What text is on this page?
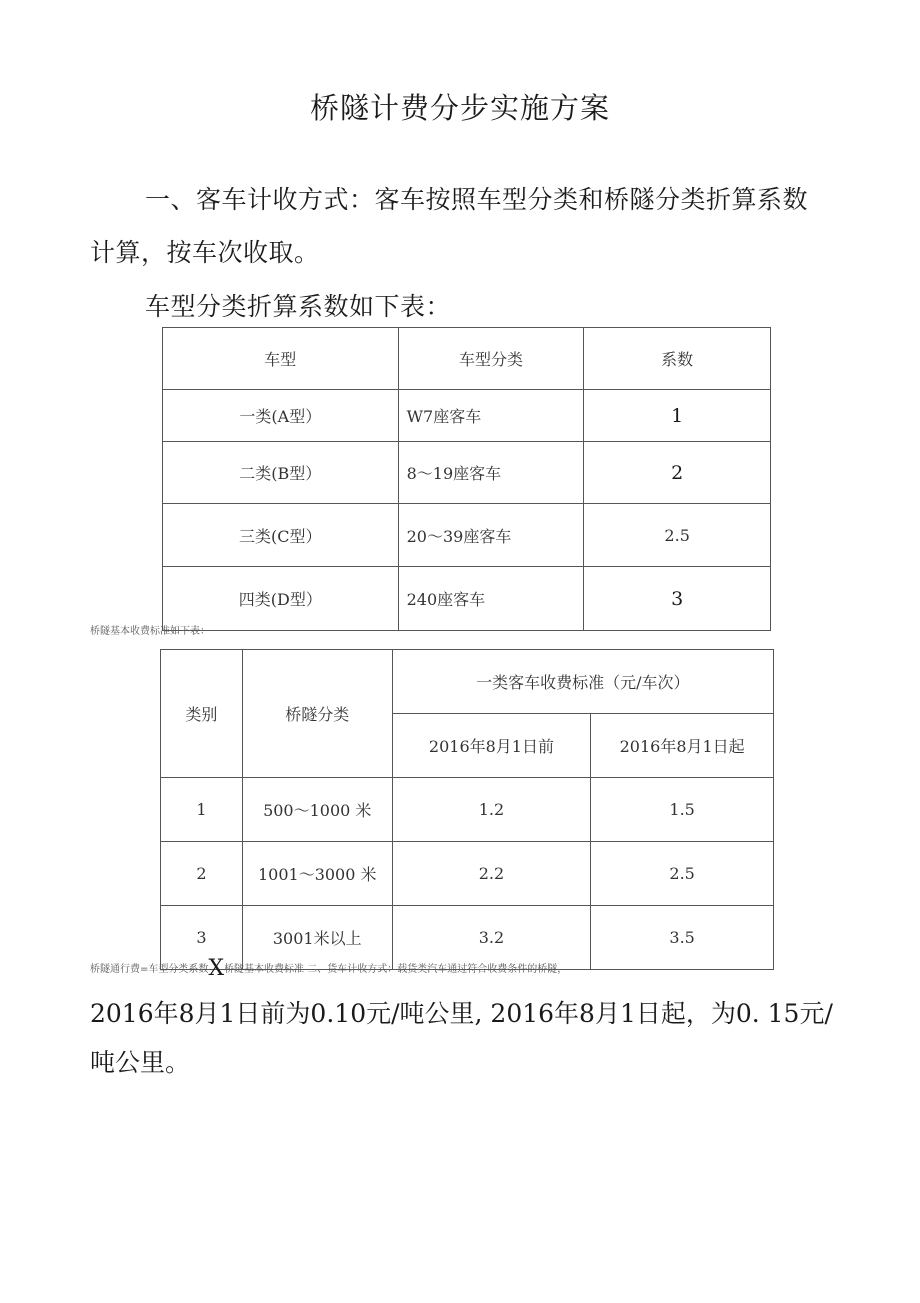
桥隧计费分步实施方案
一、客车计收方式：客车按照车型分类和桥隧分类折算系数
计算，按车次收取。
车型分类折算系数如下表：
车型	车型分类	系数
一类(A型）	W7座客车	1
二类(B型）	8〜19座客车	2
三类(C型）	20〜39座客车	2.5
四类(D型）	240座客车	3
桥隧基本收费标准如下表：
类别	桥隧分类	一类客车收费标准（元/车次）	
		2016年8月1日前	2016年8月1日起
1	500〜1000 米	1.2	1.5
2	1001〜3000 米	2.2	2.5
3	3001米以上	3.2	3.5
桥隧通行费=车型分类系数X桥隧基本收费标准 二、货车计收方式：载货类汽车通过符合收费条件的桥隧，
2016年8月1日前为0.10元/吨公里, 2016年8月1日起，为0. 15元/
吨公里。
